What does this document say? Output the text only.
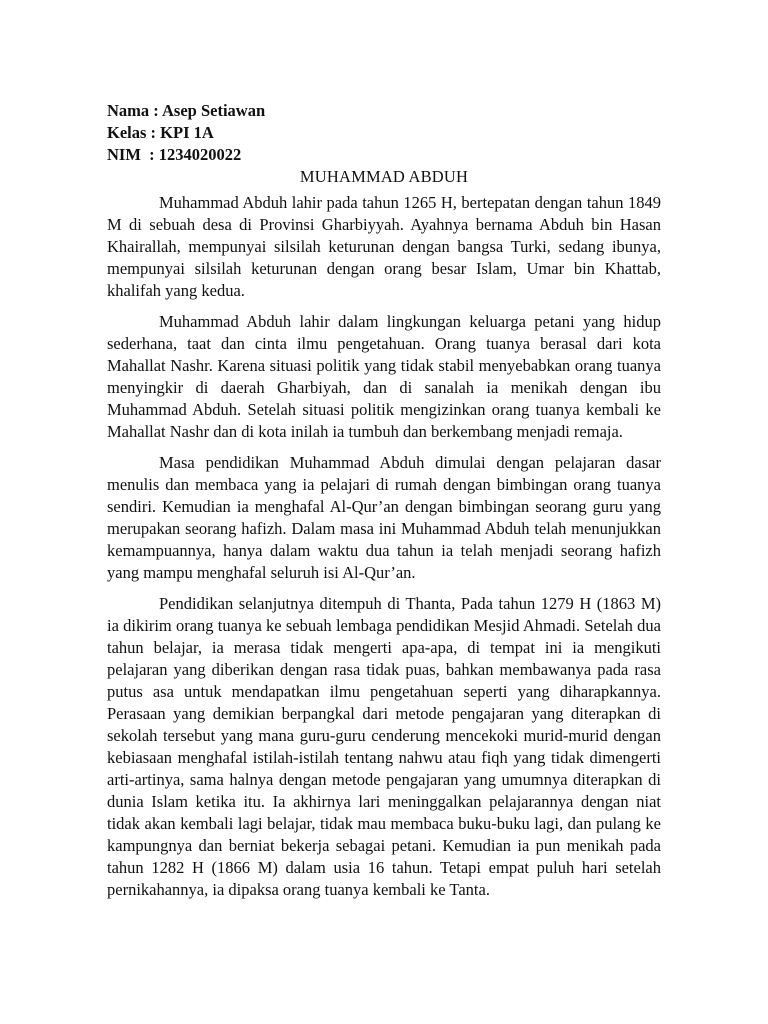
Nama : Asep Setiawan
Kelas : KPI 1A
NIM  : 1234020022
MUHAMMAD ABDUH

Muhammad Abduh lahir pada tahun 1265 H, bertepatan dengan tahun 1849 M di sebuah desa di Provinsi Gharbiyyah. Ayahnya bernama Abduh bin Hasan Khairallah, mempunyai silsilah keturunan dengan bangsa Turki, sedang ibunya, mempunyai silsilah keturunan dengan orang besar Islam, Umar bin Khattab, khalifah yang kedua.

Muhammad Abduh lahir dalam lingkungan keluarga petani yang hidup sederhana, taat dan cinta ilmu pengetahuan. Orang tuanya berasal dari kota Mahallat Nashr. Karena situasi politik yang tidak stabil menyebabkan orang tuanya menyingkir di daerah Gharbiyah, dan di sanalah ia menikah dengan ibu Muhammad Abduh. Setelah situasi politik mengizinkan orang tuanya kembali ke Mahallat Nashr dan di kota inilah ia tumbuh dan berkembang menjadi remaja.

Masa pendidikan Muhammad Abduh dimulai dengan pelajaran dasar menulis dan membaca yang ia pelajari di rumah dengan bimbingan orang tuanya sendiri. Kemudian ia menghafal Al-Qur’an dengan bimbingan seorang guru yang merupakan seorang hafizh. Dalam masa ini Muhammad Abduh telah menunjukkan kemampuannya, hanya dalam waktu dua tahun ia telah menjadi seorang hafizh yang mampu menghafal seluruh isi Al-Qur’an.

Pendidikan selanjutnya ditempuh di Thanta, Pada tahun 1279 H (1863 M) ia dikirim orang tuanya ke sebuah lembaga pendidikan Mesjid Ahmadi. Setelah dua tahun belajar, ia merasa tidak mengerti apa-apa, di tempat ini ia mengikuti pelajaran yang diberikan dengan rasa tidak puas, bahkan membawanya pada rasa putus asa untuk mendapatkan ilmu pengetahuan seperti yang diharapkannya. Perasaan yang demikian berpangkal dari metode pengajaran yang diterapkan di sekolah tersebut yang mana guru-guru cenderung mencekoki murid-murid dengan kebiasaan menghafal istilah-istilah tentang nahwu atau fiqh yang tidak dimengerti arti-artinya, sama halnya dengan metode pengajaran yang umumnya diterapkan di dunia Islam ketika itu. Ia akhirnya lari meninggalkan pelajarannya dengan niat tidak akan kembali lagi belajar, tidak mau membaca buku-buku lagi, dan pulang ke kampungnya dan berniat bekerja sebagai petani. Kemudian ia pun menikah pada tahun 1282 H (1866 M) dalam usia 16 tahun. Tetapi empat puluh hari setelah pernikahannya, ia dipaksa orang tuanya kembali ke Tanta.
